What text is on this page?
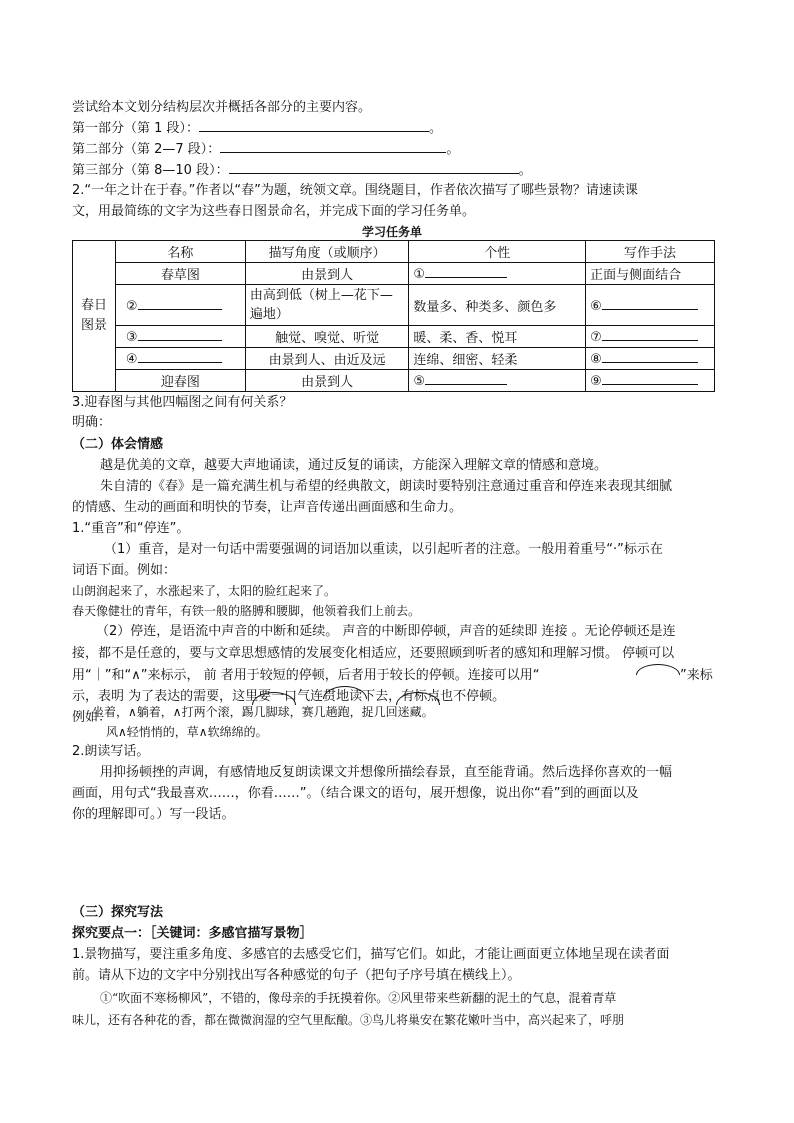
尝试给本文划分结构层次并概括各部分的主要内容。
第一部分（第 1 段）：	。
第二部分（第 2—7 段）：	。
第三部分（第 8—10 段）：	。
2.“一年之计在于春。”作者以“春”为题，统领文章。围绕题目，作者依次描写了哪些景物？请速读课
文，用最简练的文字为这些春日图景命名，并完成下面的学习任务单。
学习任务单
春日
图景	名称	描写角度（或顺序）	个性	写作手法
	春草图	由景到人	①	正面与侧面结合
	②	由高到低（树上—花下—遍地）	数量多、种类多、颜色多	⑥
	③	触觉、嗅觉、听觉	暖、柔、香、悦耳	⑦
	④	由景到人、由近及远	连绵、细密、轻柔	⑧
	迎春图	由景到人	⑤	⑨
3.迎春图与其他四幅图之间有何关系？
明确：
（二）体会情感
越是优美的文章，越要大声地诵读，通过反复的诵读，方能深入理解文章的情感和意境。
朱自清的《春》是一篇充满生机与希望的经典散文，朗读时要特别注意通过重音和停连来表现其细腻
的情感、生动的画面和明快的节奏，让声音传递出画面感和生命力。
1.“重音”和“停连”。
（1）重音，是对一句话中需要强调的词语加以重读，以引起听者的注意。一般用着重号“·”标示在
词语下面。例如：
山朗润起来了，水涨起来了，太阳的脸红起来了。
春天像健壮的青年，有铁一般的胳膊和腰脚，他领着我们上前去。
（2）停连，是语流中声音的中断和延续。 声音的中断即停顿，声音的延续即 连接 。无论停顿还是连
接，都不是任意的，要与文章思想感情的发展变化相适应，还要照顾到听者的感知和理解习惯。 停顿可以
用“｜”和“∧”来标示， 前 者用于较短的停顿，后者用于较长的停顿。连接可以用“	”来标
示，表明 为了表达的需要，这里要一口气连贯地读下去，有标点也不停顿。
例如：
坐着，∧躺着，∧打两个滚，踢几脚球，赛几趟跑，捉几回迷藏。
风∧轻悄悄的，草∧软绵绵的。
2.朗读写话。
用抑扬顿挫的声调，有感情地反复朗读课文并想像所描绘春景，直至能背诵。然后选择你喜欢的一幅
画面，用句式“我最喜欢……，你看……”。（结合课文的语句，展开想像，说出你“看”到的画面以及
你的理解即可。）写一段话。
（三）探究写法
探究要点一：［关键词：多感官描写景物］
1.景物描写，要注重多角度、多感官的去感受它们，描写它们。如此，才能让画面更立体地呈现在读者面
前。请从下边的文字中分别找出写各种感觉的句子（把句子序号填在横线上）。
①“吹面不寒杨柳风”，不错的，像母亲的手抚摸着你。②风里带来些新翻的泥土的气息，混着青草
味儿，还有各种花的香，都在微微润湿的空气里酝酿。③鸟儿将巢安在繁花嫩叶当中，高兴起来了，呼朋
